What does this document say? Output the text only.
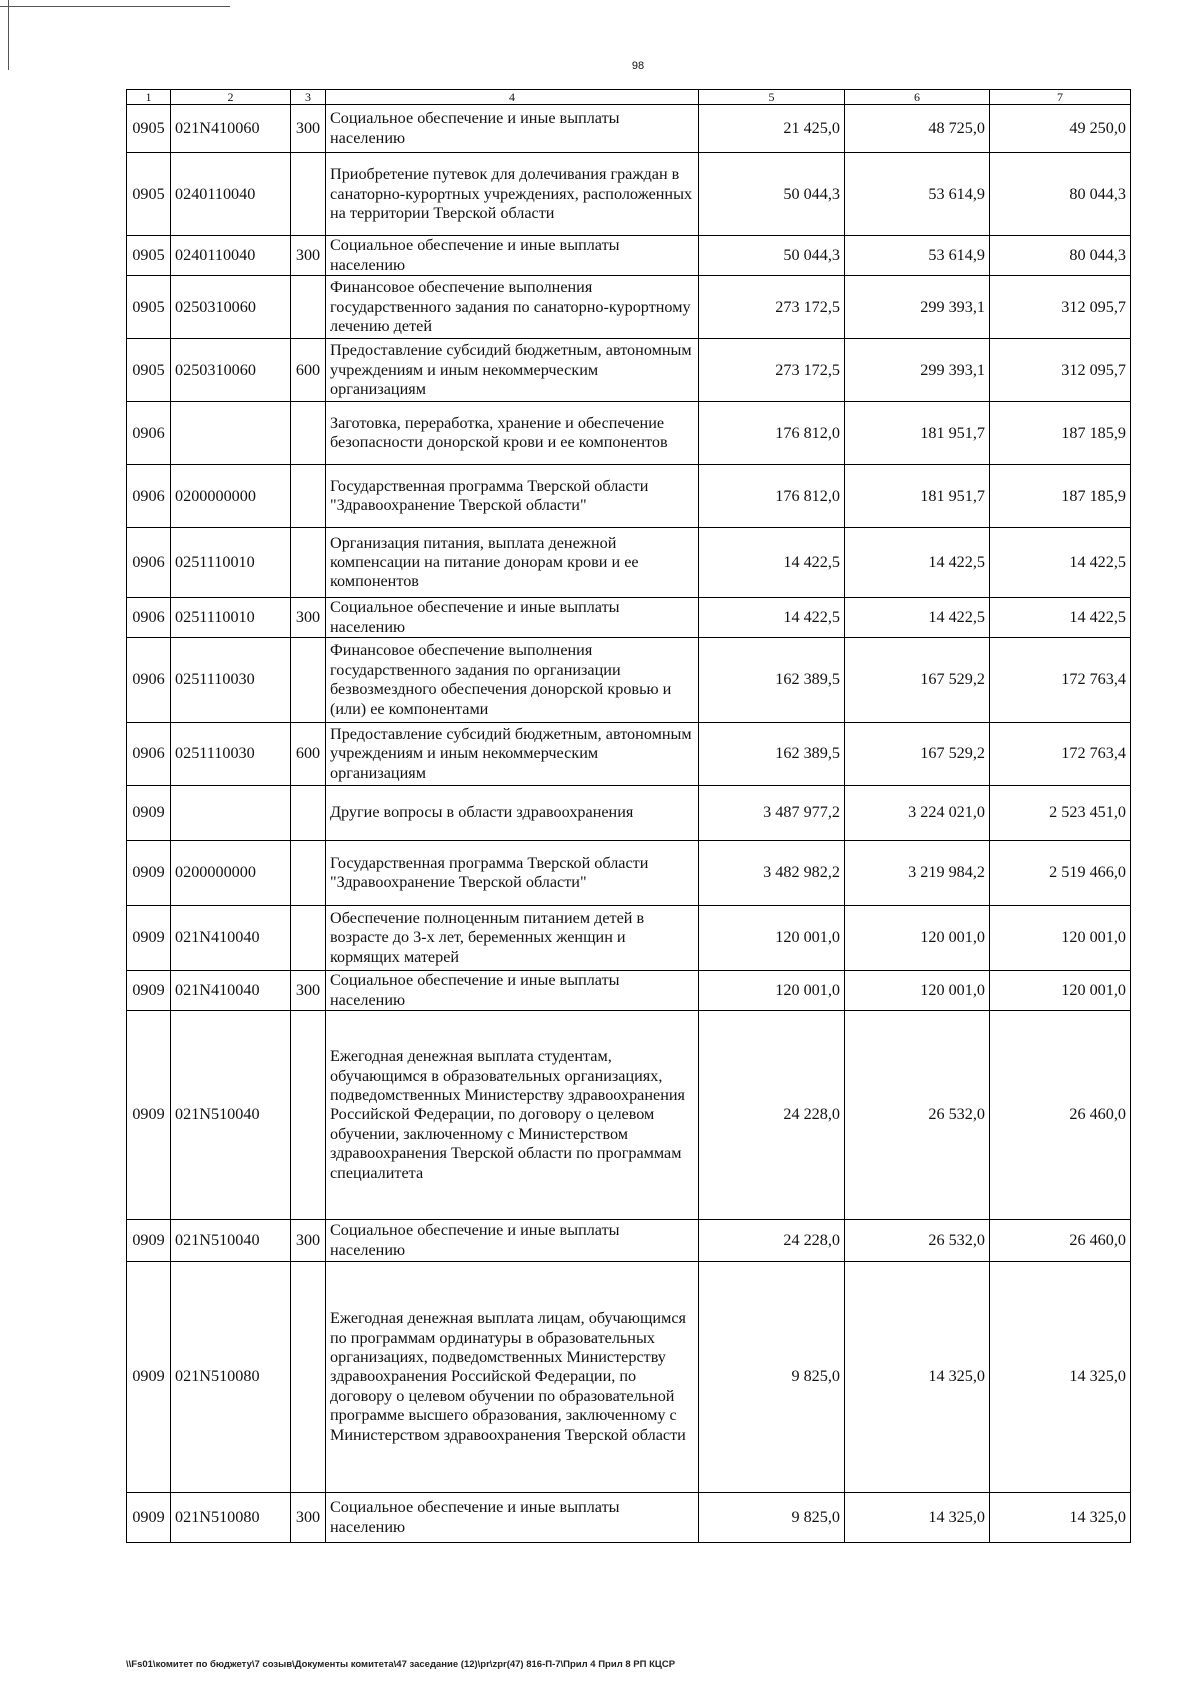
98
1	2	3	4	5	6	7
0905	021N410060	300	Социальное обеспечение и иные выплаты населению	21 425,0	48 725,0	49 250,0
0905	0240110040		Приобретение путевок для долечивания граждан в санаторно-курортных учреждениях, расположенных на территории Тверской области	50 044,3	53 614,9	80 044,3
0905	0240110040	300	Социальное обеспечение и иные выплаты населению	50 044,3	53 614,9	80 044,3
0905	0250310060		Финансовое обеспечение выполнения государственного задания по санаторно-курортному лечению детей	273 172,5	299 393,1	312 095,7
0905	0250310060	600	Предоставление субсидий бюджетным, автономным учреждениям и иным некоммерческим организациям	273 172,5	299 393,1	312 095,7
0906			Заготовка, переработка, хранение и обеспечение безопасности донорской крови и ее компонентов	176 812,0	181 951,7	187 185,9
0906	0200000000		Государственная программа Тверской области "Здравоохранение Тверской области"	176 812,0	181 951,7	187 185,9
0906	0251110010		Организация питания, выплата денежной компенсации на питание донорам крови и ее компонентов	14 422,5	14 422,5	14 422,5
0906	0251110010	300	Социальное обеспечение и иные выплаты населению	14 422,5	14 422,5	14 422,5
0906	0251110030		Финансовое обеспечение выполнения государственного задания по организации безвозмездного обеспечения донорской кровью и (или) ее компонентами	162 389,5	167 529,2	172 763,4
0906	0251110030	600	Предоставление субсидий бюджетным, автономным учреждениям и иным некоммерческим организациям	162 389,5	167 529,2	172 763,4
0909			Другие вопросы в области здравоохранения	3 487 977,2	3 224 021,0	2 523 451,0
0909	0200000000		Государственная программа Тверской области "Здравоохранение Тверской области"	3 482 982,2	3 219 984,2	2 519 466,0
0909	021N410040		Обеспечение полноценным питанием детей в возрасте до 3-х лет, беременных женщин и кормящих матерей	120 001,0	120 001,0	120 001,0
0909	021N410040	300	Социальное обеспечение и иные выплаты населению	120 001,0	120 001,0	120 001,0
0909	021N510040		Ежегодная денежная выплата студентам, обучающимся в образовательных организациях, подведомственных Министерству здравоохранения Российской Федерации, по договору о целевом обучении, заключенному с Министерством здравоохранения Тверской области по программам специалитета	24 228,0	26 532,0	26 460,0
0909	021N510040	300	Социальное обеспечение и иные выплаты населению	24 228,0	26 532,0	26 460,0
0909	021N510080		Ежегодная денежная выплата лицам, обучающимся по программам ординатуры в образовательных организациях, подведомственных Министерству здравоохранения Российской Федерации, по договору о целевом обучении по образовательной программе высшего образования, заключенному с Министерством здравоохранения Тверской области	9 825,0	14 325,0	14 325,0
0909	021N510080	300	Социальное обеспечение и иные выплаты населению	9 825,0	14 325,0	14 325,0
\\Fs01\комитет по бюджету\7 созыв\Документы комитета\47 заседание (12)\pr\zpr(47) 816-П-7\Прил 4 Прил 8 РП КЦСР
